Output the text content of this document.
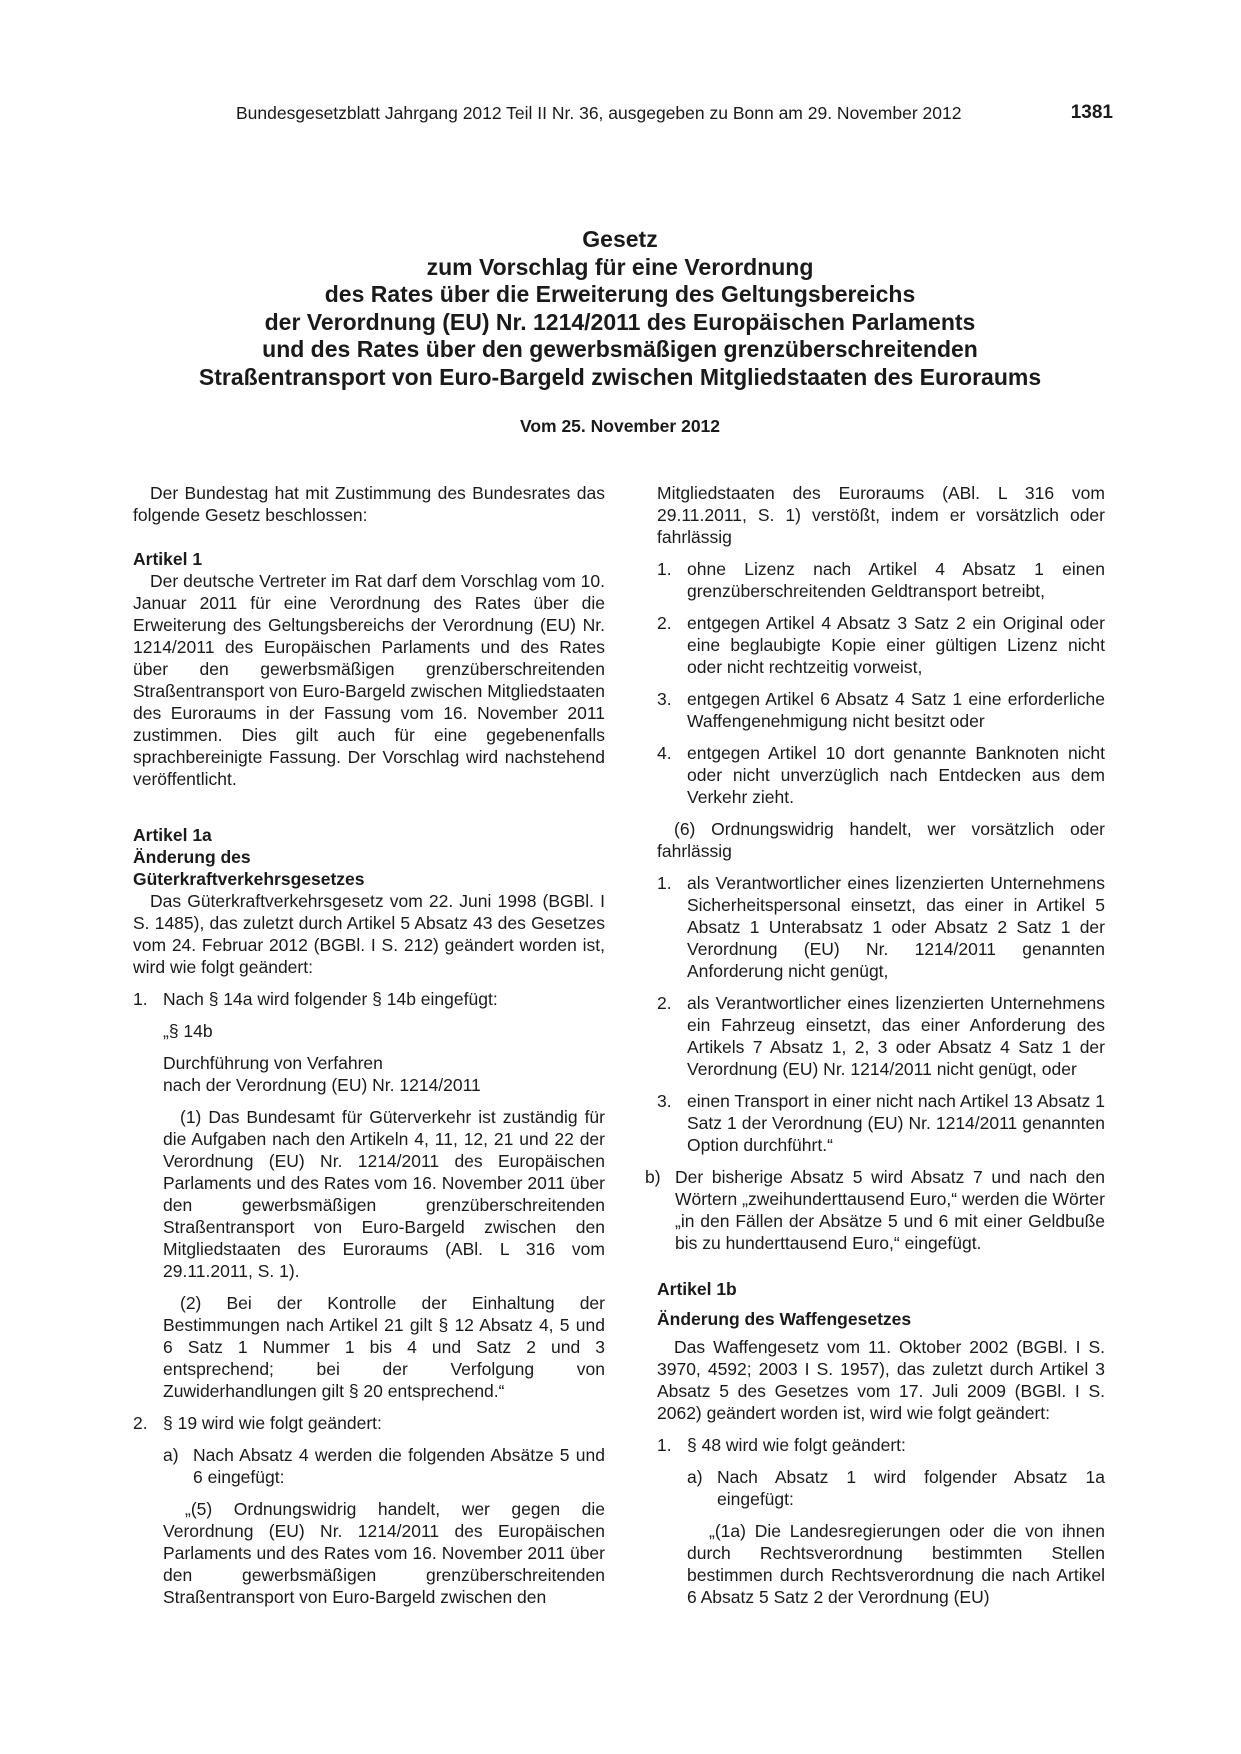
Bundesgesetzblatt Jahrgang 2012 Teil II Nr. 36, ausgegeben zu Bonn am 29. November 2012	1381
Gesetz
zum Vorschlag für eine Verordnung
des Rates über die Erweiterung des Geltungsbereichs
der Verordnung (EU) Nr. 1214/2011 des Europäischen Parlaments
und des Rates über den gewerbsmäßigen grenzüberschreitenden
Straßentransport von Euro-Bargeld zwischen Mitgliedstaaten des Euroraums
Vom 25. November 2012

Der Bundestag hat mit Zustimmung des Bundesrates das folgende Gesetz beschlossen:

Artikel 1

Der deutsche Vertreter im Rat darf dem Vorschlag vom 10. Januar 2011 für eine Verordnung des Rates über die Erweiterung des Geltungsbereichs der Verordnung (EU) Nr. 1214/2011 des Europäischen Parlaments und des Rates über den gewerbsmäßigen grenzüberschreitenden Straßentransport von Euro-Bargeld zwischen Mitgliedstaaten des Euroraums in der Fassung vom 16. November 2011 zustimmen. Dies gilt auch für eine gegebenenfalls sprachbereinigte Fassung. Der Vorschlag wird nachstehend veröffentlicht.

Artikel 1a

Änderung des

Güterkraftverkehrsgesetzes

Das Güterkraftverkehrsgesetz vom 22. Juni 1998 (BGBl. I S. 1485), das zuletzt durch Artikel 5 Absatz 43 des Gesetzes vom 24. Februar 2012 (BGBl. I S. 212) geändert worden ist, wird wie folgt geändert:

1. Nach § 14a wird folgender § 14b eingefügt:

„§ 14b

Durchführung von Verfahren

nach der Verordnung (EU) Nr. 1214/2011

(1) Das Bundesamt für Güterverkehr ist zuständig für die Aufgaben nach den Artikeln 4, 11, 12, 21 und 22 der Verordnung (EU) Nr. 1214/2011 des Europäischen Parlaments und des Rates vom 16. November 2011 über den gewerbsmäßigen grenzüberschreitenden Straßentransport von Euro-Bargeld zwischen den Mitgliedstaaten des Euroraums (ABl. L 316 vom 29.11.2011, S. 1).

(2) Bei der Kontrolle der Einhaltung der Bestimmungen nach Artikel 21 gilt § 12 Absatz 4, 5 und 6 Satz 1 Nummer 1 bis 4 und Satz 2 und 3 entsprechend; bei der Verfolgung von Zuwiderhandlungen gilt § 20 entsprechend.“

2. § 19 wird wie folgt geändert:
a) Nach Absatz 4 werden die folgenden Absätze 5 und 6 eingefügt:

„(5) Ordnungswidrig handelt, wer gegen die Verordnung (EU) Nr. 1214/2011 des Europäischen Parlaments und des Rates vom 16. November 2011 über den gewerbsmäßigen grenzüberschreitenden Straßentransport von Euro-Bargeld zwischen den

Mitgliedstaaten des Euroraums (ABl. L 316 vom 29.11.2011, S. 1) verstößt, indem er vorsätzlich oder fahrlässig

1. ohne Lizenz nach Artikel 4 Absatz 1 einen grenzüberschreitenden Geldtransport betreibt,
2. entgegen Artikel 4 Absatz 3 Satz 2 ein Original oder eine beglaubigte Kopie einer gültigen Lizenz nicht oder nicht rechtzeitig vorweist,
3. entgegen Artikel 6 Absatz 4 Satz 1 eine erforderliche Waffengenehmigung nicht besitzt oder
4. entgegen Artikel 10 dort genannte Banknoten nicht oder nicht unverzüglich nach Entdecken aus dem Verkehr zieht.

(6) Ordnungswidrig handelt, wer vorsätzlich oder fahrlässig

1. als Verantwortlicher eines lizenzierten Unternehmens Sicherheitspersonal einsetzt, das einer in Artikel 5 Absatz 1 Unterabsatz 1 oder Absatz 2 Satz 1 der Verordnung (EU) Nr. 1214/2011 genannten Anforderung nicht genügt,
2. als Verantwortlicher eines lizenzierten Unternehmens ein Fahrzeug einsetzt, das einer Anforderung des Artikels 7 Absatz 1, 2, 3 oder Absatz 4 Satz 1 der Verordnung (EU) Nr. 1214/2011 nicht genügt, oder
3. einen Transport in einer nicht nach Artikel 13 Absatz 1 Satz 1 der Verordnung (EU) Nr. 1214/2011 genannten Option durchführt.“
b) Der bisherige Absatz 5 wird Absatz 7 und nach den Wörtern „zweihunderttausend Euro,“ werden die Wörter „in den Fällen der Absätze 5 und 6 mit einer Geldbuße bis zu hunderttausend Euro,“ eingefügt.

Artikel 1b

Änderung des Waffengesetzes

Das Waffengesetz vom 11. Oktober 2002 (BGBl. I S. 3970, 4592; 2003 I S. 1957), das zuletzt durch Artikel 3 Absatz 5 des Gesetzes vom 17. Juli 2009 (BGBl. I S. 2062) geändert worden ist, wird wie folgt geändert:

1. § 48 wird wie folgt geändert:
a) Nach Absatz 1 wird folgender Absatz 1a eingefügt:

„(1a) Die Landesregierungen oder die von ihnen durch Rechtsverordnung bestimmten Stellen bestimmen durch Rechtsverordnung die nach Artikel 6 Absatz 5 Satz 2 der Verordnung (EU)
